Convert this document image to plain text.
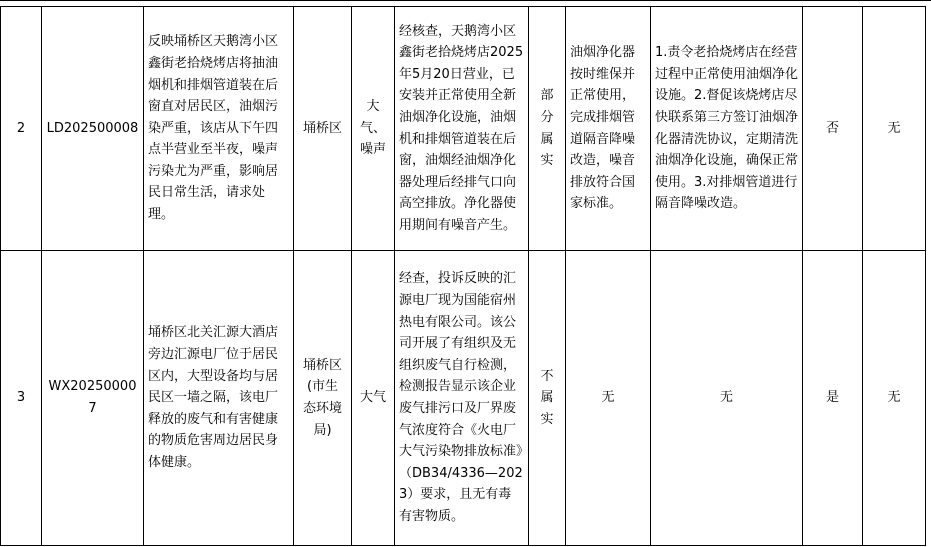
2	LD202500008	反映埇桥区天鹅湾小区鑫街老拾烧烤店将抽油烟机和排烟管道装在后窗直对居民区，油烟污染严重，该店从下午四点半营业至半夜，噪声污染尤为严重，影响居民日常生活，请求处理。	埇桥区	大气、噪声	经核查，天鹅湾小区鑫街老拾烧烤店2025年5月20日营业，已安装并正常使用全新油烟净化设施，油烟机和排烟管道装在后窗，油烟经油烟净化器处理后经排气口向高空排放。净化器使用期间有噪音产生。	部分属实	油烟净化器按时维保并正常使用，完成排烟管道隔音降噪改造，噪音排放符合国家标准。	1.责令老拾烧烤店在经营过程中正常使用油烟净化设施。2.督促该烧烤店尽快联系第三方签订油烟净化器清洗协议，定期清洗油烟净化设施，确保正常使用。3.对排烟管道进行隔音降噪改造。	否	无
3	WX202500007	埇桥区北关汇源大酒店旁边汇源电厂位于居民区内，大型设备均与居民区一墙之隔，该电厂释放的废气和有害健康的物质危害周边居民身体健康。	埇桥区(市生态环境局)	大气	经查，投诉反映的汇源电厂现为国能宿州热电有限公司。该公司开展了有组织及无组织废气自行检测，检测报告显示该企业废气排污口及厂界废气浓度符合《火电厂大气污染物排放标准》（DB34/4336—2023）要求，且无有毒有害物质。	不属实	无	无	是	无
